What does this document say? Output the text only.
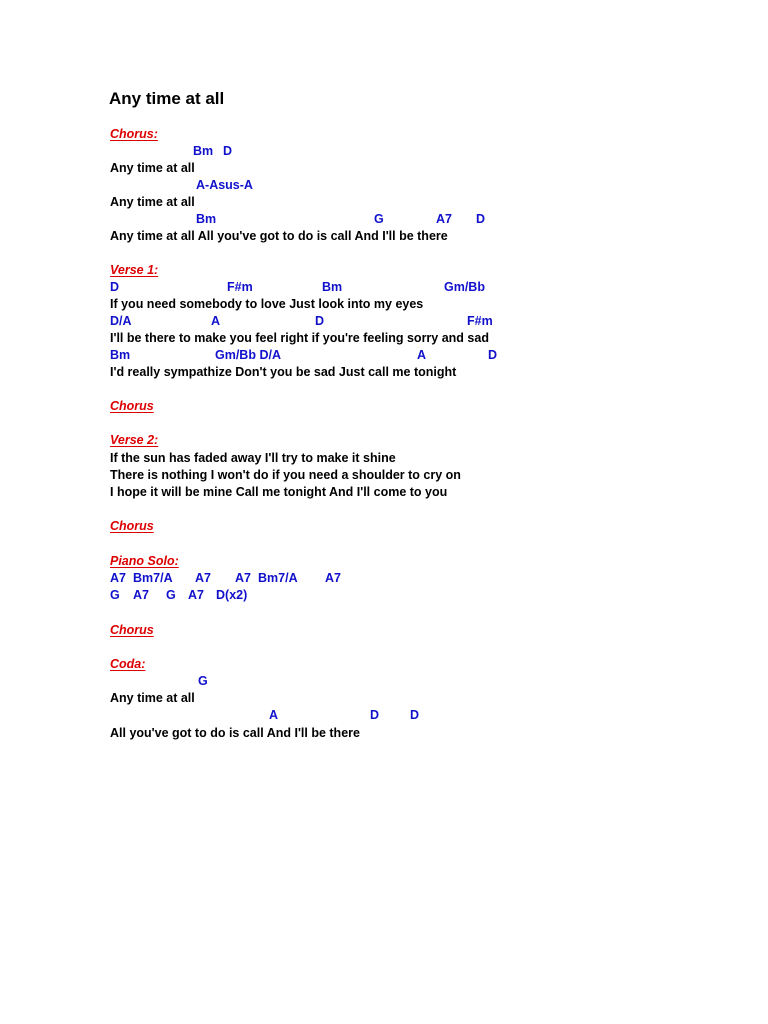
Any time at all
Chorus:
Bm D
Any time at all
A-Asus-A
Any time at all
Bm	G	A7 D
Any time at all All you've got to do is call And I'll be there
Verse 1:
D	F#m	Bm	Gm/Bb
If you need somebody to love Just look into my eyes
D/A	A	D	F#m
I'll be there to make you feel right if you're feeling sorry and sad
Bm	Gm/Bb D/A	A	D
I'd really sympathize Don't you be sad Just call me tonight
Chorus
Verse 2:
If the sun has faded away I'll try to make it shine
There is nothing I won't do if you need a shoulder to cry on
I hope it will be mine Call me tonight And I'll come to you
Chorus
Piano Solo:
A7 Bm7/A A7 A7 Bm7/A A7
G A7 G A7 D(x2)
Chorus
Coda:
G
Any time at all
A	D D
All you've got to do is call And I'll be there
